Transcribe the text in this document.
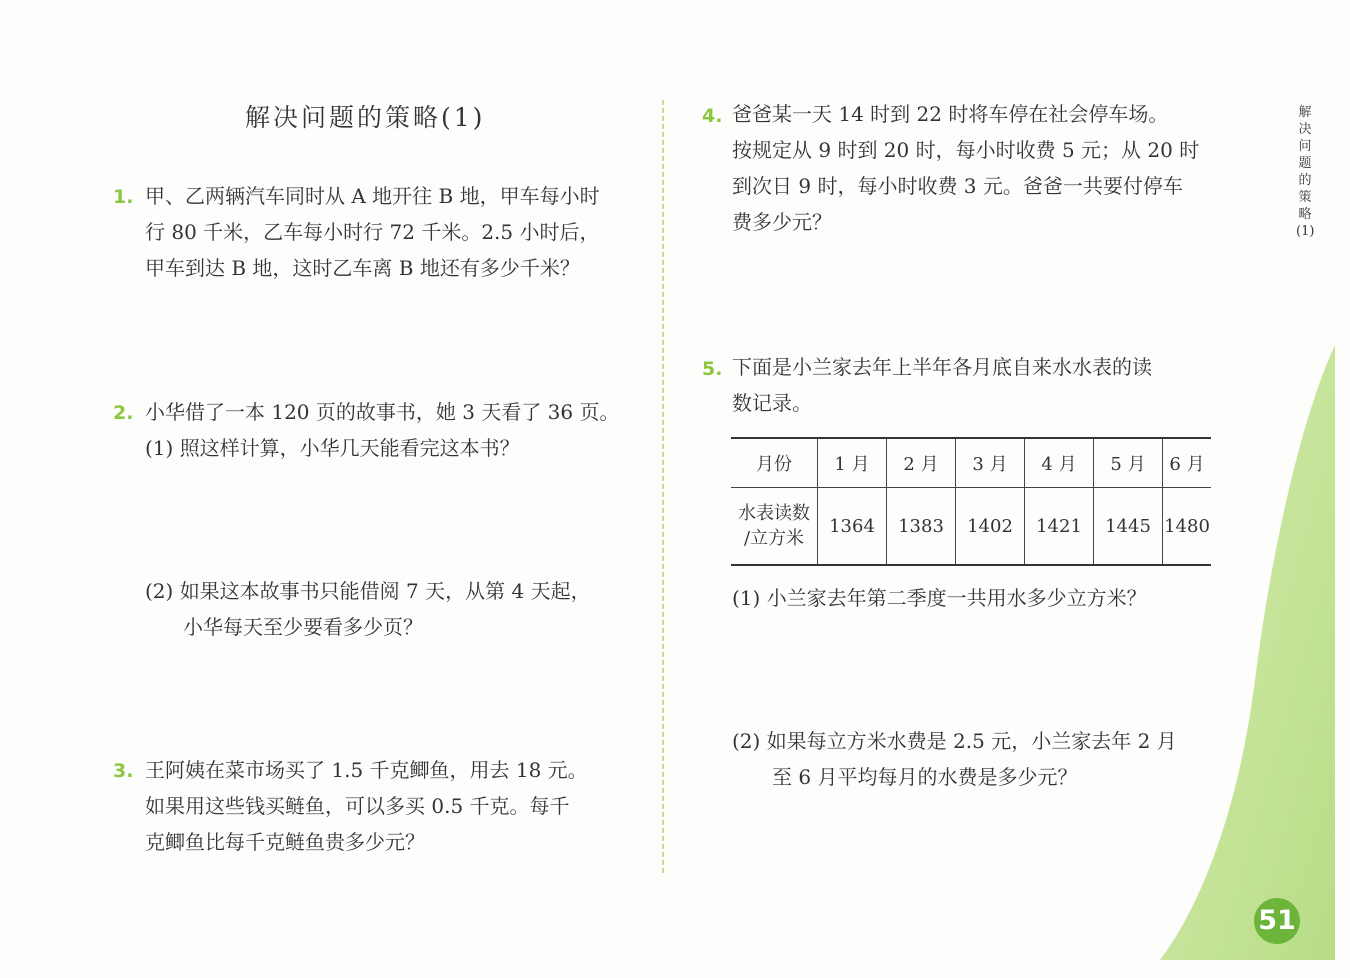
解决问题的策略(1)
1. 甲、乙两辆汽车同时从 A 地开往 B 地，甲车每小时
行 80 千米，乙车每小时行 72 千米。2.5 小时后，
甲车到达 B 地，这时乙车离 B 地还有多少千米？
2. 小华借了一本 120 页的故事书，她 3 天看了 36 页。
(1) 照这样计算，小华几天能看完这本书？
(2) 如果这本故事书只能借阅 7 天，从第 4 天起，
小华每天至少要看多少页？
3. 王阿姨在菜市场买了 1.5 千克鲫鱼，用去 18 元。
如果用这些钱买鲢鱼，可以多买 0.5 千克。每千
克鲫鱼比每千克鲢鱼贵多少元？
4. 爸爸某一天 14 时到 22 时将车停在社会停车场。
按规定从 9 时到 20 时，每小时收费 5 元；从 20 时
到次日 9 时，每小时收费 3 元。爸爸一共要付停车
费多少元？
5. 下面是小兰家去年上半年各月底自来水水表的读
数记录。
月份	1 月	2 月	3 月	4 月	5 月	6 月

水表读数
/立方米	1364	1383	1402	1421	1445	1480
(1) 小兰家去年第二季度一共用水多少立方米？
(2) 如果每立方米水费是 2.5 元，小兰家去年 2 月
至 6 月平均每月的水费是多少元？
解决问题的策略(1)
51
